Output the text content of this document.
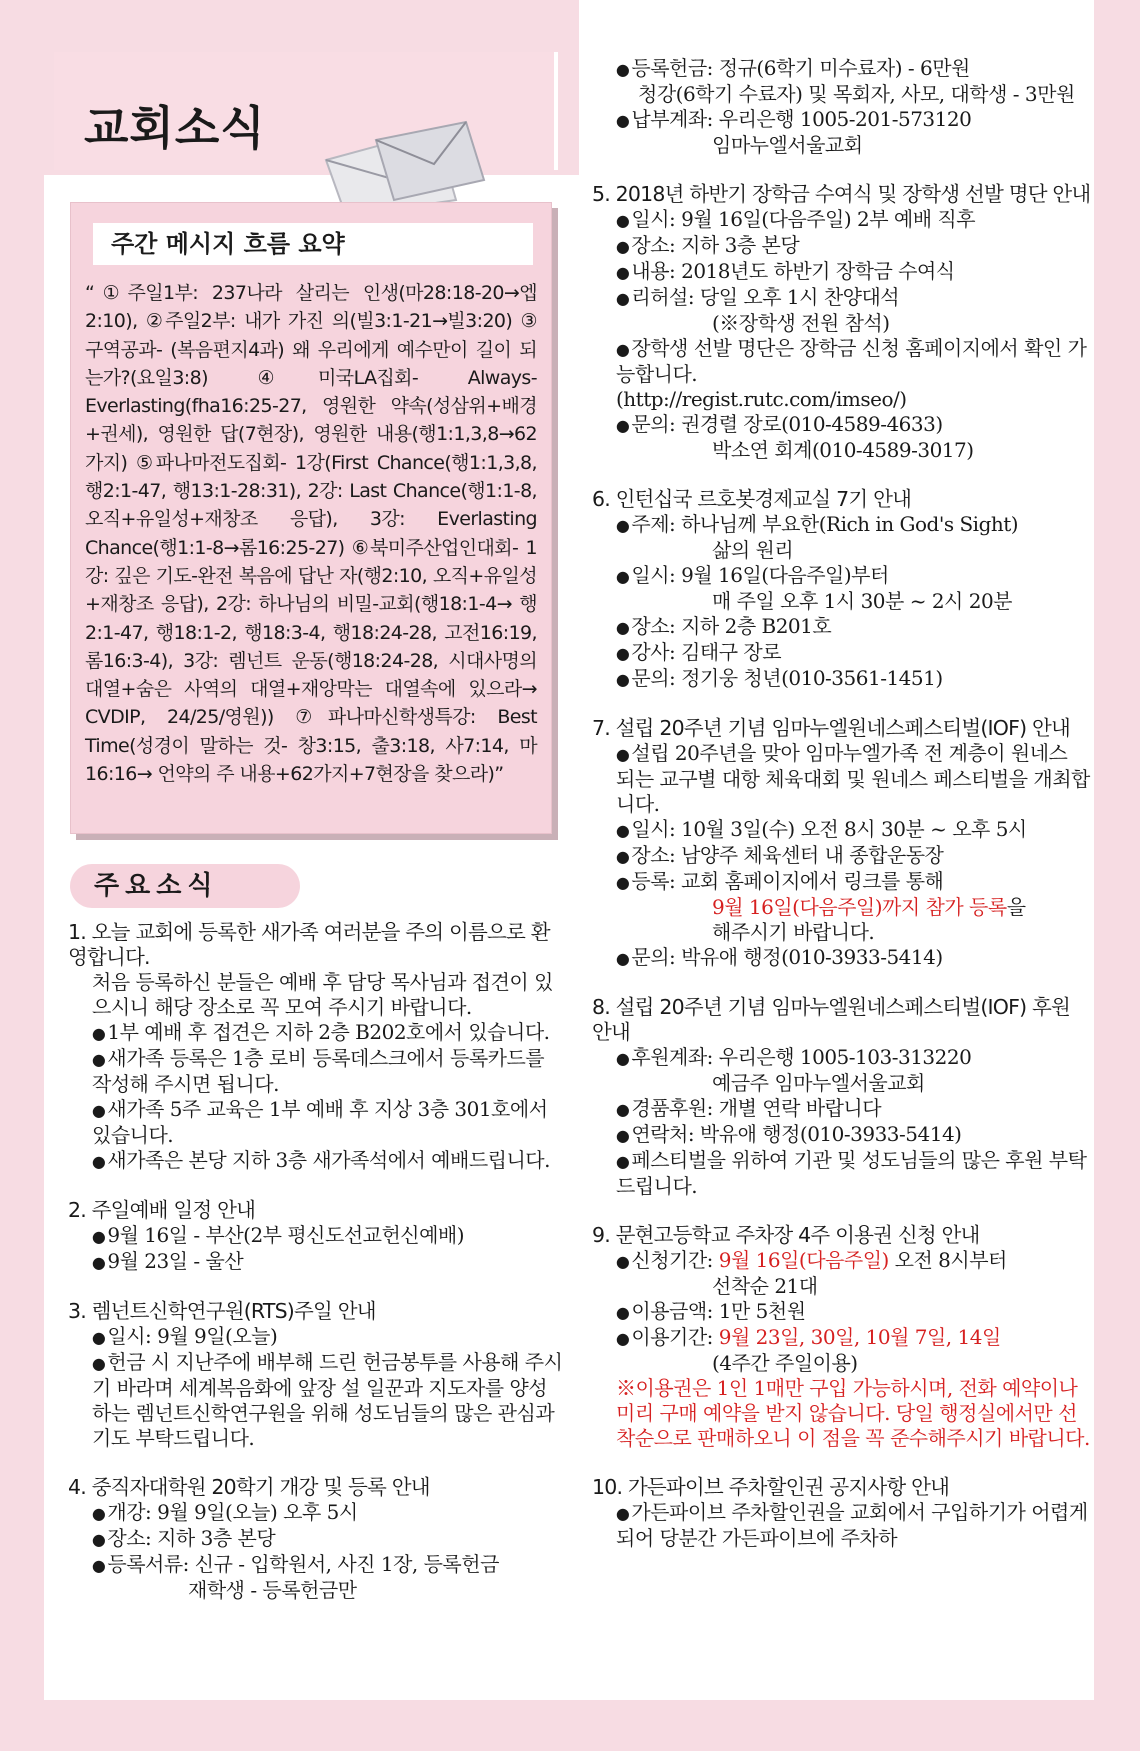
교회소식
주간 메시지 흐름 요약
“①주일1부: 237나라 살리는 인생(마28:18-20→엡2:10), ②주일2부: 내가 가진 의(빌3:1-21→빌3:20) ③구역공과- (복음편지4과) 왜 우리에게 예수만이 길이 되는가?(요일3:8) ④미국LA집회- Always-Everlasting(fha16:25-27, 영원한 약속(성삼위+배경+권세), 영원한 답(7현장), 영원한 내용(행1:1,3,8→62가지) ⑤파나마전도집회- 1강(First Chance(행1:1,3,8, 행2:1-47, 행13:1-28:31), 2강: Last Chance(행1:1-8, 오직+유일성+재창조 응답), 3강: Everlasting Chance(행1:1-8→롬16:25-27) ⑥북미주산업인대회- 1강: 깊은 기도-완전 복음에 답난 자(행2:10, 오직+유일성+재창조 응답), 2강: 하나님의 비밀-교회(행18:1-4→ 행2:1-47, 행18:1-2, 행18:3-4, 행18:24-28, 고전16:19, 롬16:3-4), 3강: 렘넌트 운동(행18:24-28, 시대사명의 대열+숨은 사역의 대열+재앙막는 대열속에 있으라→ CVDIP, 24/25/영원)) ⑦파나마신학생특강: Best Time(성경이 말하는 것- 창3:15, 출3:18, 사7:14, 마16:16→ 언약의 주 내용+62가지+7현장을 찾으라)”
주요소식
1. 오늘 교회에 등록한 새가족 여러분을 주의 이름으로 환영합니다.
처음 등록하신 분들은 예배 후 담당 목사님과 접견이 있으시니 해당 장소로 꼭 모여 주시기 바랍니다.
● 1부 예배 후 접견은 지하 2층 B202호에서 있습니다.
● 새가족 등록은 1층 로비 등록데스크에서 등록카드를 작성해 주시면 됩니다.
● 새가족 5주 교육은 1부 예배 후 지상 3층 301호에서 있습니다.
● 새가족은 본당 지하 3층 새가족석에서 예배드립니다.
2. 주일예배 일정 안내
● 9월 16일 - 부산(2부 평신도선교헌신예배)
● 9월 23일 - 울산
3. 렘넌트신학연구원(RTS)주일 안내
● 일시: 9월 9일(오늘)
● 헌금 시 지난주에 배부해 드린 헌금봉투를 사용해 주시기 바라며 세계복음화에 앞장 설 일꾼과 지도자를 양성하는 렘넌트신학연구원을 위해 성도님들의 많은 관심과 기도 부탁드립니다.
4. 중직자대학원 20학기 개강 및 등록 안내
● 개강: 9월 9일(오늘) 오후 5시
● 장소: 지하 3층 본당
● 등록서류: 신규 - 입학원서, 사진 1장, 등록헌금
재학생 - 등록헌금만
● 등록헌금: 정규(6학기 미수료자) - 6만원
청강(6학기 수료자) 및 목회자, 사모, 대학생 - 3만원
● 납부계좌: 우리은행 1005-201-573120
임마누엘서울교회
5. 2018년 하반기 장학금 수여식 및 장학생 선발 명단 안내
● 일시: 9월 16일(다음주일) 2부 예배 직후
● 장소: 지하 3층 본당
● 내용: 2018년도 하반기 장학금 수여식
● 리허설: 당일 오후 1시 찬양대석
(※장학생 전원 참석)
● 장학생 선발 명단은 장학금 신청 홈페이지에서 확인 가능합니다.
(http://regist.rutc.com/imseo/)
● 문의: 권경렬 장로(010-4589-4633)
박소연 회계(010-4589-3017)
6. 인턴십국 르호봇경제교실 7기 안내
● 주제: 하나님께 부요한(Rich in God's Sight)
삶의 원리
● 일시: 9월 16일(다음주일)부터
매 주일 오후 1시 30분 ~ 2시 20분
● 장소: 지하 2층 B201호
● 강사: 김태구 장로
● 문의: 정기웅 청년(010-3561-1451)
7. 설립 20주년 기념 임마누엘원네스페스티벌(IOF) 안내
● 설립 20주년을 맞아 임마누엘가족 전 계층이 원네스 되는 교구별 대항 체육대회 및 원네스 페스티벌을 개최합니다.
● 일시: 10월 3일(수) 오전 8시 30분 ~ 오후 5시
● 장소: 남양주 체육센터 내 종합운동장
● 등록: 교회 홈페이지에서 링크를 통해
9월 16일(다음주일)까지 참가 등록을
해주시기 바랍니다.
● 문의: 박유애 행정(010-3933-5414)
8. 설립 20주년 기념 임마누엘원네스페스티벌(IOF) 후원 안내
● 후원계좌: 우리은행 1005-103-313220
예금주 임마누엘서울교회
● 경품후원: 개별 연락 바랍니다
● 연락처: 박유애 행정(010-3933-5414)
● 페스티벌을 위하여 기관 및 성도님들의 많은 후원 부탁드립니다.
9. 문현고등학교 주차장 4주 이용권 신청 안내
● 신청기간: 9월 16일(다음주일) 오전 8시부터
선착순 21대
● 이용금액: 1만 5천원
● 이용기간: 9월 23일, 30일, 10월 7일, 14일
(4주간 주일이용)
※이용권은 1인 1매만 구입 가능하시며, 전화 예약이나 미리 구매 예약을 받지 않습니다. 당일 행정실에서만 선착순으로 판매하오니 이 점을 꼭 준수해주시기 바랍니다.
10. 가든파이브 주차할인권 공지사항 안내
● 가든파이브 주차할인권을 교회에서 구입하기가 어렵게 되어 당분간 가든파이브에 주차하
